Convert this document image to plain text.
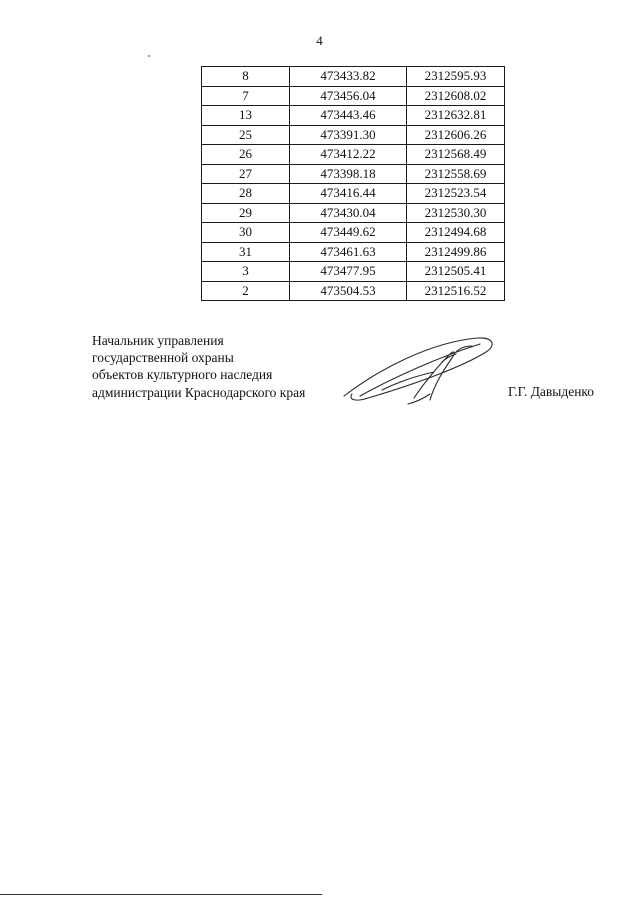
4
8	473433.82	2312595.93
7	473456.04	2312608.02
13	473443.46	2312632.81
25	473391.30	2312606.26
26	473412.22	2312568.49
27	473398.18	2312558.69
28	473416.44	2312523.54
29	473430.04	2312530.30
30	473449.62	2312494.68
31	473461.63	2312499.86
3	473477.95	2312505.41
2	473504.53	2312516.52
Начальник управления
государственной охраны
объектов культурного наследия
администрации Краснодарского края	Г.Г. Давыденко
